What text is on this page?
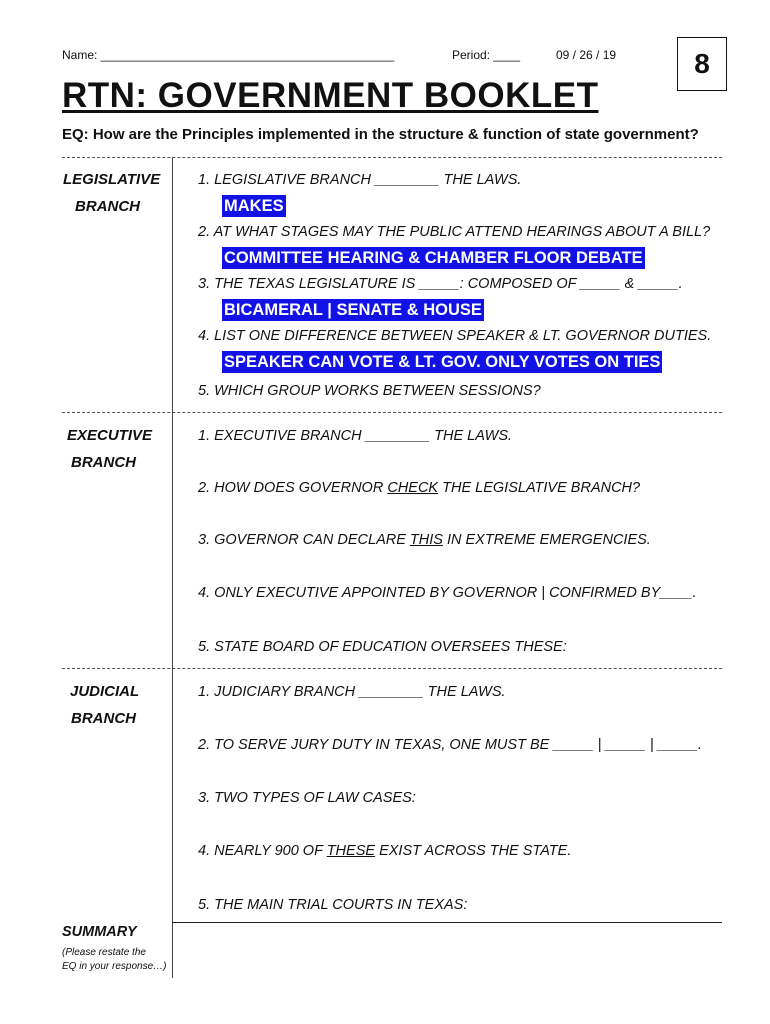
Name: ____________________________________________	Period: ____	09 / 26 / 19	8
RTN: GOVERNMENT BOOKLET
EQ: How are the Principles implemented in the structure & function of state government?
LEGISLATIVE
BRANCH
1. LEGISLATIVE BRANCH ________ THE LAWS.
MAKES
2. AT WHAT STAGES MAY THE PUBLIC ATTEND HEARINGS ABOUT A BILL?
COMMITTEE HEARING & CHAMBER FLOOR DEBATE
3. THE TEXAS LEGISLATURE IS _____: COMPOSED OF _____ & _____.
BICAMERAL | SENATE & HOUSE
4. LIST ONE DIFFERENCE BETWEEN SPEAKER & LT. GOVERNOR DUTIES.
SPEAKER CAN VOTE & LT. GOV. ONLY VOTES ON TIES
5. WHICH GROUP WORKS BETWEEN SESSIONS?
EXECUTIVE
BRANCH
1. EXECUTIVE BRANCH ________ THE LAWS.
2. HOW DOES GOVERNOR CHECK THE LEGISLATIVE BRANCH?
3. GOVERNOR CAN DECLARE THIS IN EXTREME EMERGENCIES.
4. ONLY EXECUTIVE APPOINTED BY GOVERNOR | CONFIRMED BY____.
5. STATE BOARD OF EDUCATION OVERSEES THESE:
JUDICIAL
BRANCH
1. JUDICIARY BRANCH ________ THE LAWS.
2. TO SERVE JURY DUTY IN TEXAS, ONE MUST BE _____ | _____ | _____.
3. TWO TYPES OF LAW CASES:
4. NEARLY 900 OF THESE EXIST ACROSS THE STATE.
5. THE MAIN TRIAL COURTS IN TEXAS:
SUMMARY
(Please restate the
EQ in your response…)
